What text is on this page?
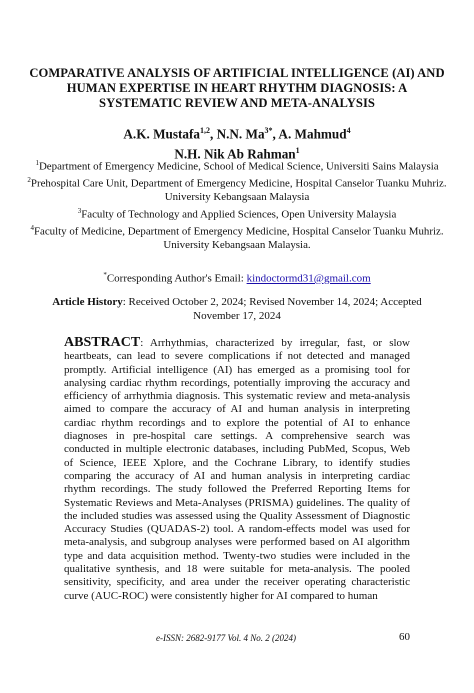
COMPARATIVE ANALYSIS OF ARTIFICIAL INTELLIGENCE (AI) AND HUMAN EXPERTISE IN HEART RHYTHM DIAGNOSIS: A SYSTEMATIC REVIEW AND META-ANALYSIS
A.K. Mustafa$^{1,2}$, N.N. $Ma^{3*}$, A. Mahmud$^4$
N.H. Nik Ab Rahman$^1$

$^1$Department of Emergency Medicine, School of Medical Science, Universiti Sains Malaysia

$^2$Prehospital Care Unit, Department of Emergency Medicine, Hospital Canselor Tuanku Muhriz. University Kebangsaan Malaysia

$^3$Faculty of Technology and Applied Sciences, Open University Malaysia

$^4$Faculty of Medicine, Department of Emergency Medicine, Hospital Canselor Tuanku Muhriz. University Kebangsaan Malaysia.

*Corresponding Author's Email: kindoctormd31@gmail.com
Article History: Received October 2, 2024; Revised November 14, 2024; Accepted November 17, 2024
ABSTRACT: Arrhythmias, characterized by irregular, fast, or slow heartbeats, can lead to severe complications if not detected and managed promptly. Artificial intelligence (AI) has emerged as a promising tool for analysing cardiac rhythm recordings, potentially improving the accuracy and efficiency of arrhythmia diagnosis. This systematic review and meta-analysis aimed to compare the accuracy of AI and human analysis in interpreting cardiac rhythm recordings and to explore the potential of AI to enhance diagnoses in pre-hospital care settings. A comprehensive search was conducted in multiple electronic databases, including PubMed, Scopus, Web of Science, IEEE Xplore, and the Cochrane Library, to identify studies comparing the accuracy of AI and human analysis in interpreting cardiac rhythm recordings. The study followed the Preferred Reporting Items for Systematic Reviews and Meta-Analyses (PRISMA) guidelines. The quality of the included studies was assessed using the Quality Assessment of Diagnostic Accuracy Studies (QUADAS-2) tool. A random-effects model was used for meta-analysis, and subgroup analyses were performed based on AI algorithm type and data acquisition method. Twenty-two studies were included in the qualitative synthesis, and 18 were suitable for meta-analysis. The pooled sensitivity, specificity, and area under the receiver operating characteristic curve (AUC-ROC) were consistently higher for AI compared to human
e-ISSN: 2682-9177 Vol. 4 No. 2 (2024)	60
